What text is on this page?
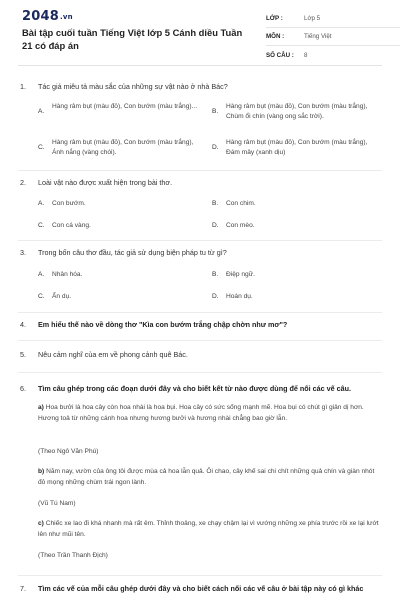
2048.vn
Bài tập cuối tuần Tiếng Việt lớp 5 Cánh diều Tuần 21 có đáp án
LỚP :	Lớp 5
MÔN :	Tiếng Việt
SỐ CÂU :	8
1.	Tác giả miêu tả màu sắc của những sự vật nào ở nhà Bác?
A.
Hàng râm bụt (màu đỏ), Con bướm (màu trắng)...
B.
Hàng râm bụt (màu đỏ), Con bướm (màu trắng), Chùm ổi chín (vàng ong sắc trời).
C.
Hàng râm bụt (màu đỏ), Con bướm (màu trắng), Ánh nắng (vàng chói).
D.
Hàng râm bụt (màu đỏ), Con bướm (màu trắng), Đám mây (xanh dịu)
2.	Loài vật nào được xuất hiện trong bài thơ.
A. Con bướm.	B. Con chim.
C. Con cá vàng.	D. Con mèo.
3.	Trong bốn câu thơ đầu, tác giả sử dụng biện pháp tu từ gì?
A. Nhân hóa.	B. Điệp ngữ.
C. Ẩn dụ.	D. Hoán dụ.
4.	Em hiểu thế nào về dòng thơ "Kìa con bướm trắng chập chờn như mơ"?
5.	Nêu cảm nghĩ của em về phong cảnh quê Bác.
6.	Tìm câu ghép trong các đoạn dưới đây và cho biết kết từ nào được dùng để nối các vế câu.
a) Hoa bưởi là hoa cây còn hoa nhài là hoa bụi. Hoa cây có sức sống mạnh mẽ. Hoa bụi có chút gì giản dị hơn. Hương toả từ những cánh hoa nhưng hương bưởi và hương nhài chẳng bao giờ lẫn.
(Theo Ngô Văn Phú)
b) Năm nay, vườn của ông tôi được mùa cả hoa lẫn quả. Ôi chao, cây khế sai chi chít những quả chín và giàn nhót đỏ mọng những chùm trái ngon lành.
(Vũ Tú Nam)
c) Chiếc xe lao đi khá nhanh mà rất êm. Thỉnh thoảng, xe chạy chậm lại vì vướng những xe phía trước rồi xe lại lướt lên như mũi tên.
(Theo Trần Thanh Địch)
7.	Tìm các vế của mỗi câu ghép dưới đây và cho biết cách nối các vế câu ở bài tập này có gì khác
